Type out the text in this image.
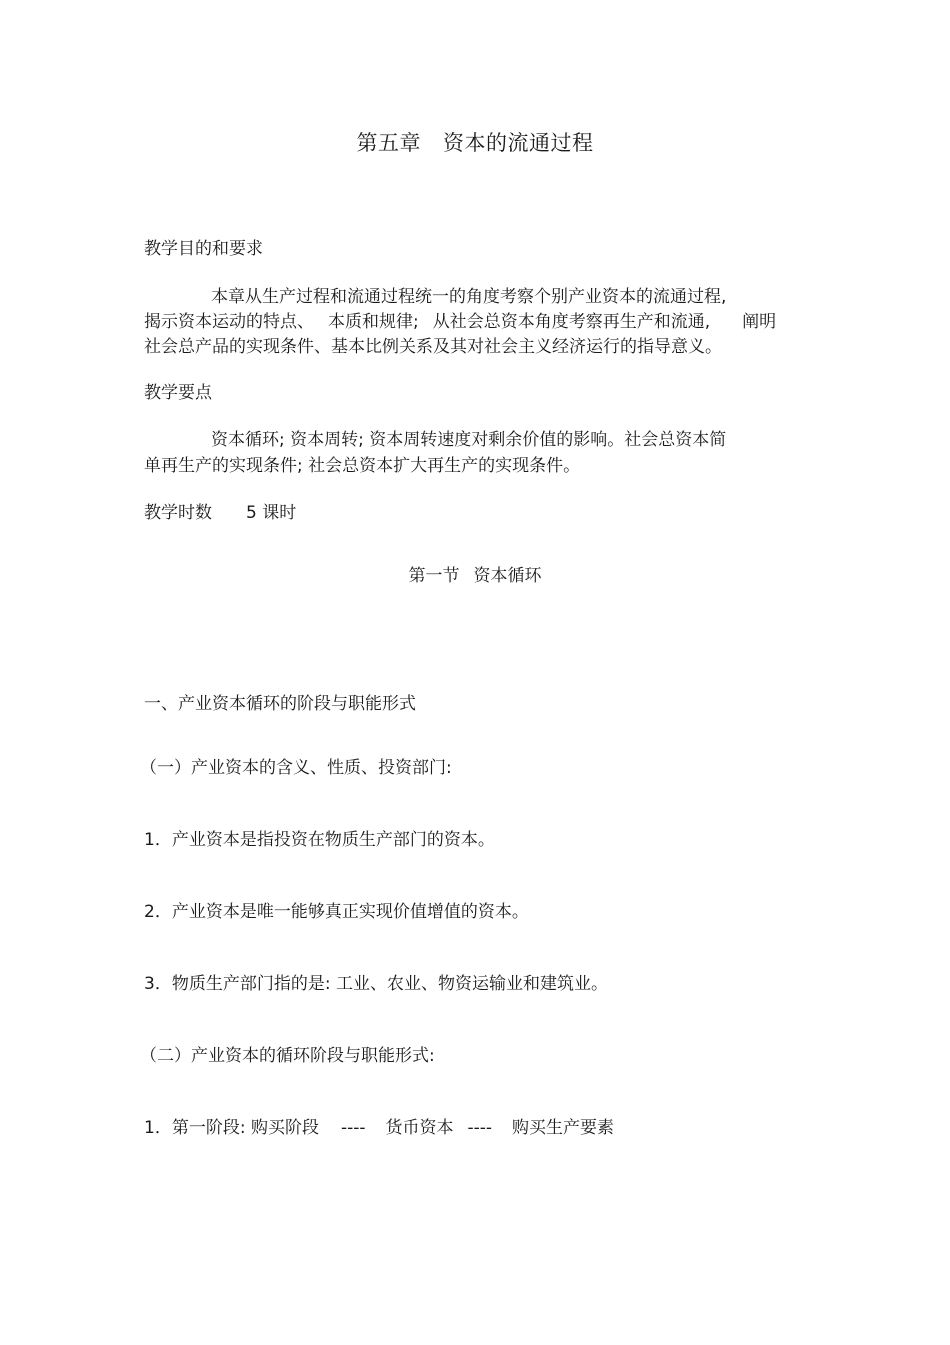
第五章 资本的流通过程
教学目的和要求
本章从生产过程和流通过程统一的角度考察个别产业资本的流通过程,
揭示资本运动的特点、 本质和规律; 从社会总资本角度考察再生产和流通, 阐明
社会总产品的实现条件、基本比例关系及其对社会主义经济运行的指导意义。
教学要点
资本循环; 资本周转; 资本周转速度对剩余价值的影响。社会总资本简
单再生产的实现条件; 社会总资本扩大再生产的实现条件。
教学时数 5 课时
第一节 资本循环
一、产业资本循环的阶段与职能形式
（一）产业资本的含义、性质、投资部门:
1．产业资本是指投资在物质生产部门的资本。
2．产业资本是唯一能够真正实现价值增值的资本。
3．物质生产部门指的是: 工业、农业、物资运输业和建筑业。
（二）产业资本的循环阶段与职能形式:
1．第一阶段: 购买阶段 ---- 货币资本 ---- 购买生产要素
